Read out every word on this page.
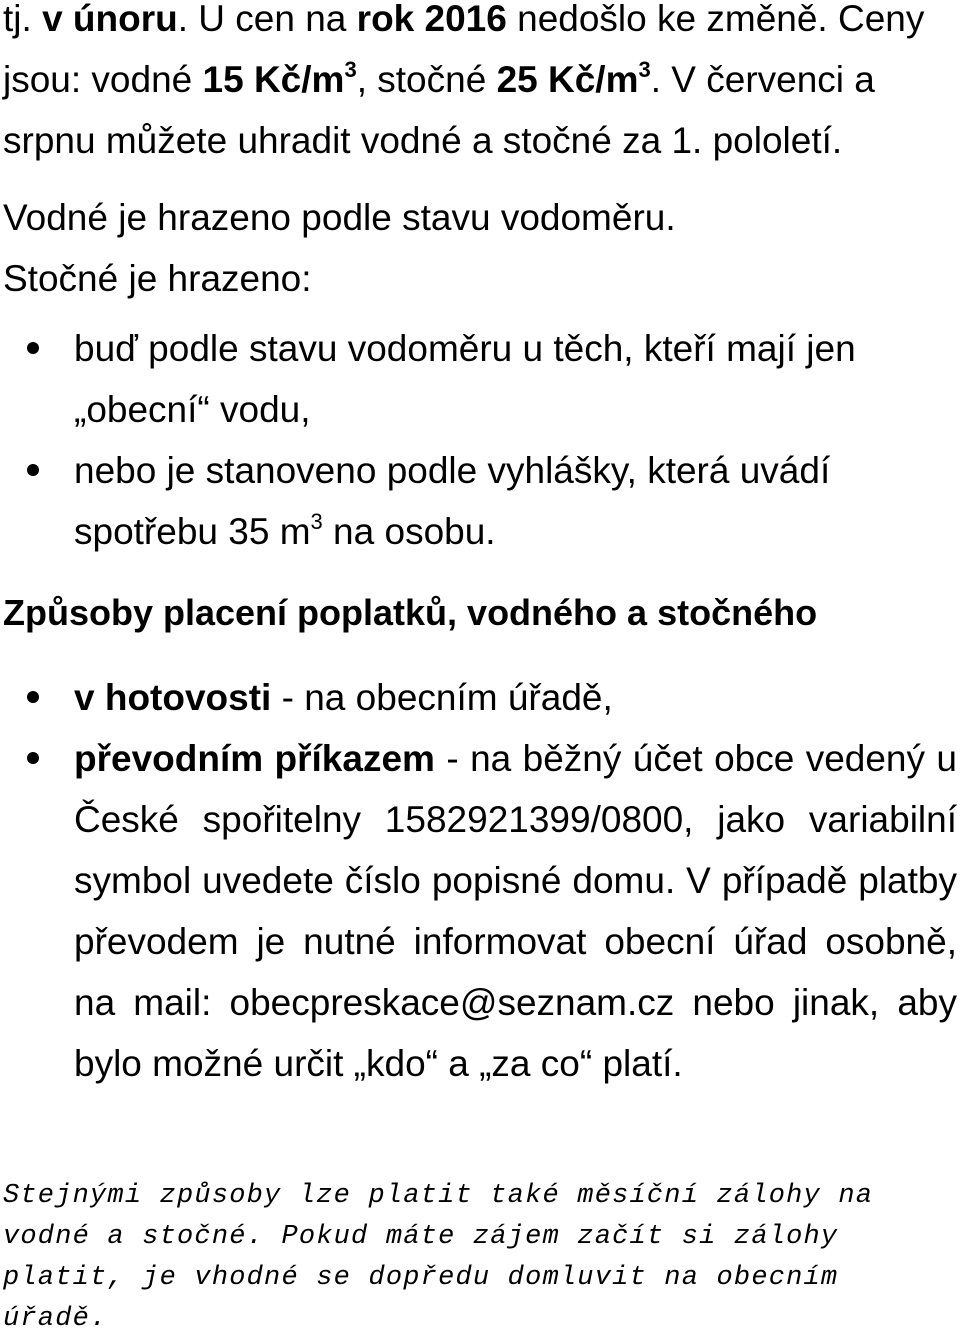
tj. v únoru. U cen na rok 2016 nedošlo ke změně. Ceny jsou: vodné 15 $Kč/m^3$, stočné 25 $Kč/m^3$. V červenci a srpnu můžete uhradit vodné a stočné za 1. pololetí.

Vodné je hrazeno podle stavu vodoměru. Stočné je hrazeno:

buď podle stavu vodoměru u těch, kteří mají jen „obecní“ vodu,
nebo je stanoveno podle vyhlášky, která uvádí spotřebu 35 $m^3$ na osobu.
Způsoby placení poplatků, vodného a stočného
v hotovosti - na obecním úřadě,
převodním příkazem - na běžný účet obce vedený u České spořitelny 1582921399/0800, jako variabilní symbol uvedete číslo popisné domu. V případě platby převodem je nutné informovat obecní úřad osobně, na mail: obecpreskace@seznam.cz nebo jinak, aby bylo možné určit „kdo“ a „za co“ platí.

Stejnými způsoby lze platit také měsíční zálohy na vodné a stočné. Pokud máte zájem začít si zálohy platit, je vhodné se dopředu domluvit na obecním úřadě.
